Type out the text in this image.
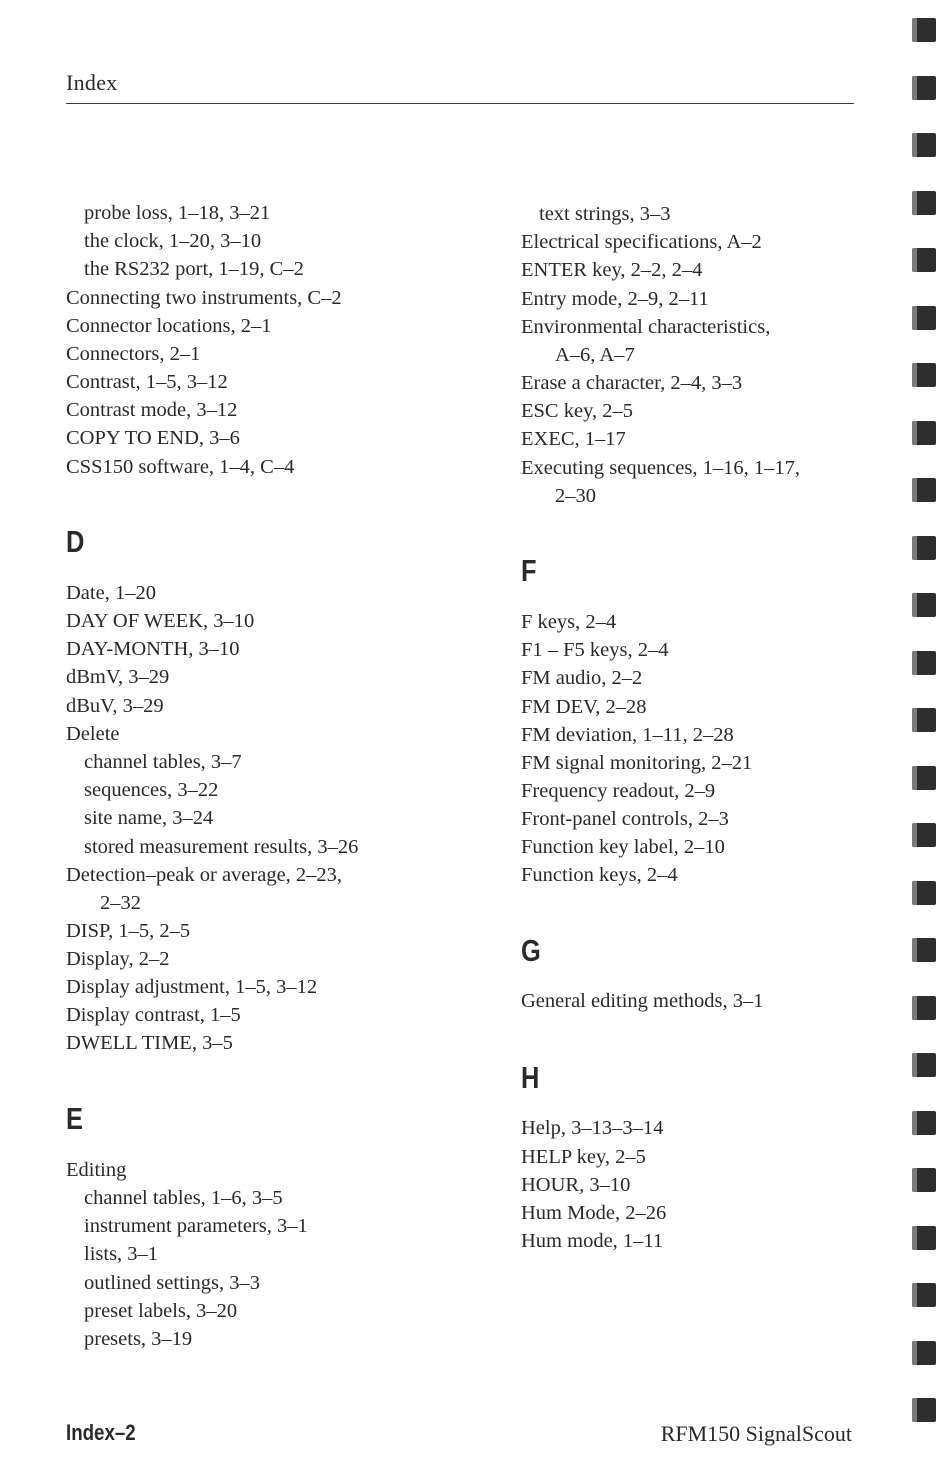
Index
probe loss, 1–18, 3–21
the clock, 1–20, 3–10
the RS232 port, 1–19, C–2
Connecting two instruments, C–2
Connector locations, 2–1
Connectors, 2–1
Contrast, 1–5, 3–12
Contrast mode, 3–12
COPY TO END, 3–6
CSS150 software, 1–4, C–4
D
Date, 1–20
DAY OF WEEK, 3–10
DAY-MONTH, 3–10
dBmV, 3–29
dBuV, 3–29
Delete
channel tables, 3–7
sequences, 3–22
site name, 3–24
stored measurement results, 3–26
Detection–peak or average, 2–23,
2–32
DISP, 1–5, 2–5
Display, 2–2
Display adjustment, 1–5, 3–12
Display contrast, 1–5
DWELL TIME, 3–5
E
Editing
channel tables, 1–6, 3–5
instrument parameters, 3–1
lists, 3–1
outlined settings, 3–3
preset labels, 3–20
presets, 3–19
text strings, 3–3
Electrical specifications, A–2
ENTER key, 2–2, 2–4
Entry mode, 2–9, 2–11
Environmental characteristics,
A–6, A–7
Erase a character, 2–4, 3–3
ESC key, 2–5
EXEC, 1–17
Executing sequences, 1–16, 1–17,
2–30
F
F keys, 2–4
F1 – F5 keys, 2–4
FM audio, 2–2
FM DEV, 2–28
FM deviation, 1–11, 2–28
FM signal monitoring, 2–21
Frequency readout, 2–9
Front-panel controls, 2–3
Function key label, 2–10
Function keys, 2–4
G
General editing methods, 3–1
H
Help, 3–13–3–14
HELP key, 2–5
HOUR, 3–10
Hum Mode, 2–26
Hum mode, 1–11
Index–2	RFM150 SignalScout
